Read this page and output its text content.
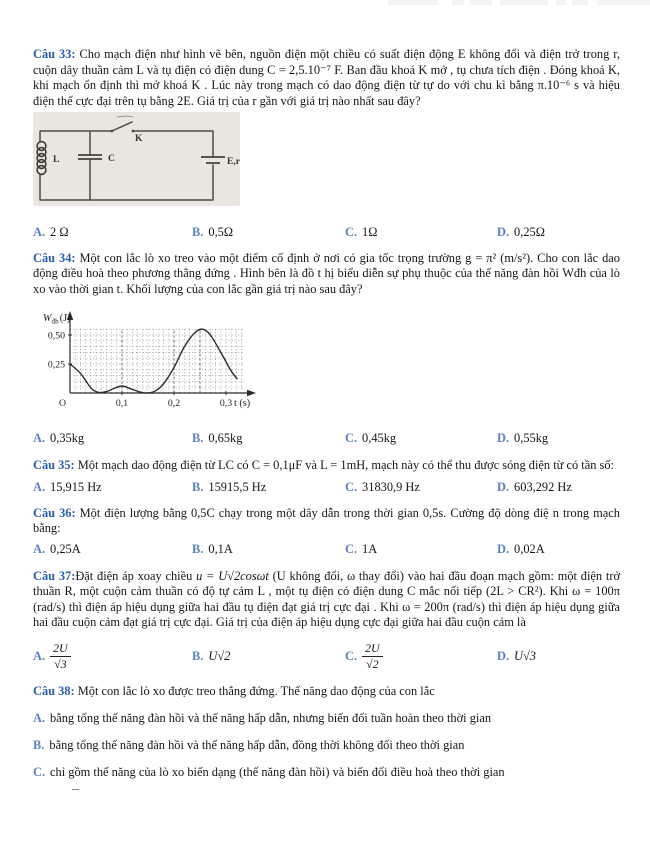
Câu 33: Cho mạch điện như hình vẽ bên, nguồn điện một chiều có suất điện động E không đổi và điện trở trong r, cuộn dây thuần cảm L và tụ điện có điện dung C = 2,5.10⁻⁷ F. Ban đầu khoá K mở , tụ chưa tích điện . Đóng khoá K, khi mạch ổn định thì mở khoá K . Lúc này trong mạch có dao động điện từ tự do với chu kì bằng π.10⁻⁶ s và hiệu điện thế cực đại trên tụ bằng 2E. Giá trị của r gần với giá trị nào nhất sau đây?

L	C
K
E,r
A. 2 Ω	B. 0,5Ω	C. 1Ω	D. 0,25Ω

Câu 34: Một con lắc lò xo treo vào một điểm cố định ở nơi có gia tốc trọng trường g = π² (m/s²). Cho con lắc dao động điều hoà theo phương thẳng đứng . Hình bên là đồ t hị biểu diễn sự phụ thuộc của thế năng đàn hồi Wđh của lò xo vào thời gian t. Khối lượng của con lắc gần giá trị nào sau đây?

0,1	0,2	0,3
0,25
0,50
O	t (s)
$W_{đh}(J)$
A. 0,35kg	B. 0,65kg	C. 0,45kg	D. 0,55kg

Câu 35: Một mạch dao động điện từ LC có C = 0,1μF và L = 1mH, mạch này có thể thu được sóng điện từ có tần số:

A. 15,915 Hz	B. 15915,5 Hz	C. 31830,9 Hz	D. 603,292 Hz

Câu 36: Một điện lượng bằng 0,5C chạy trong một dây dẫn trong thời gian 0,5s. Cường độ dòng điệ n trong mạch bằng:

A. 0,25A	B. 0,1A	C. 1A	D. 0,02A

Câu 37:Đặt điện áp xoay chiều u = U√2cosωt (U không đổi, ω thay đổi) vào hai đầu đoạn mạch gồm: một điện trở thuần R, một cuộn cảm thuần có độ tự cảm L , một tụ điện có điện dung C mắc nối tiếp (2L > CR²). Khi ω = 100π (rad/s) thì điện áp hiệu dụng giữa hai đầu tụ điện đạt giá trị cực đại . Khi ω = 200π (rad/s) thì điện áp hiệu dụng giữa hai đầu cuộn cảm đạt giá trị cực đại. Giá trị của điện áp hiệu dụng cực đại giữa hai đầu cuộn cảm là

A. $\frac{2U}{√3}$	B. U√2	C. $\frac{2U}{√2}$	D. U√3

Câu 38: Một con lắc lò xo được treo thẳng đứng. Thế năng dao động của con lắc

A. bằng tổng thế năng đàn hồi và thế năng hấp dẫn, nhưng biến đổi tuần hoàn theo thời gian
B. bằng tổng thế năng đàn hồi và thế năng hấp dẫn, đồng thời không đổi theo thời gian
C. chỉ gồm thế năng của lò xo biến dạng (thế năng đàn hồi) và biến đổi điều hoà theo thời gian
